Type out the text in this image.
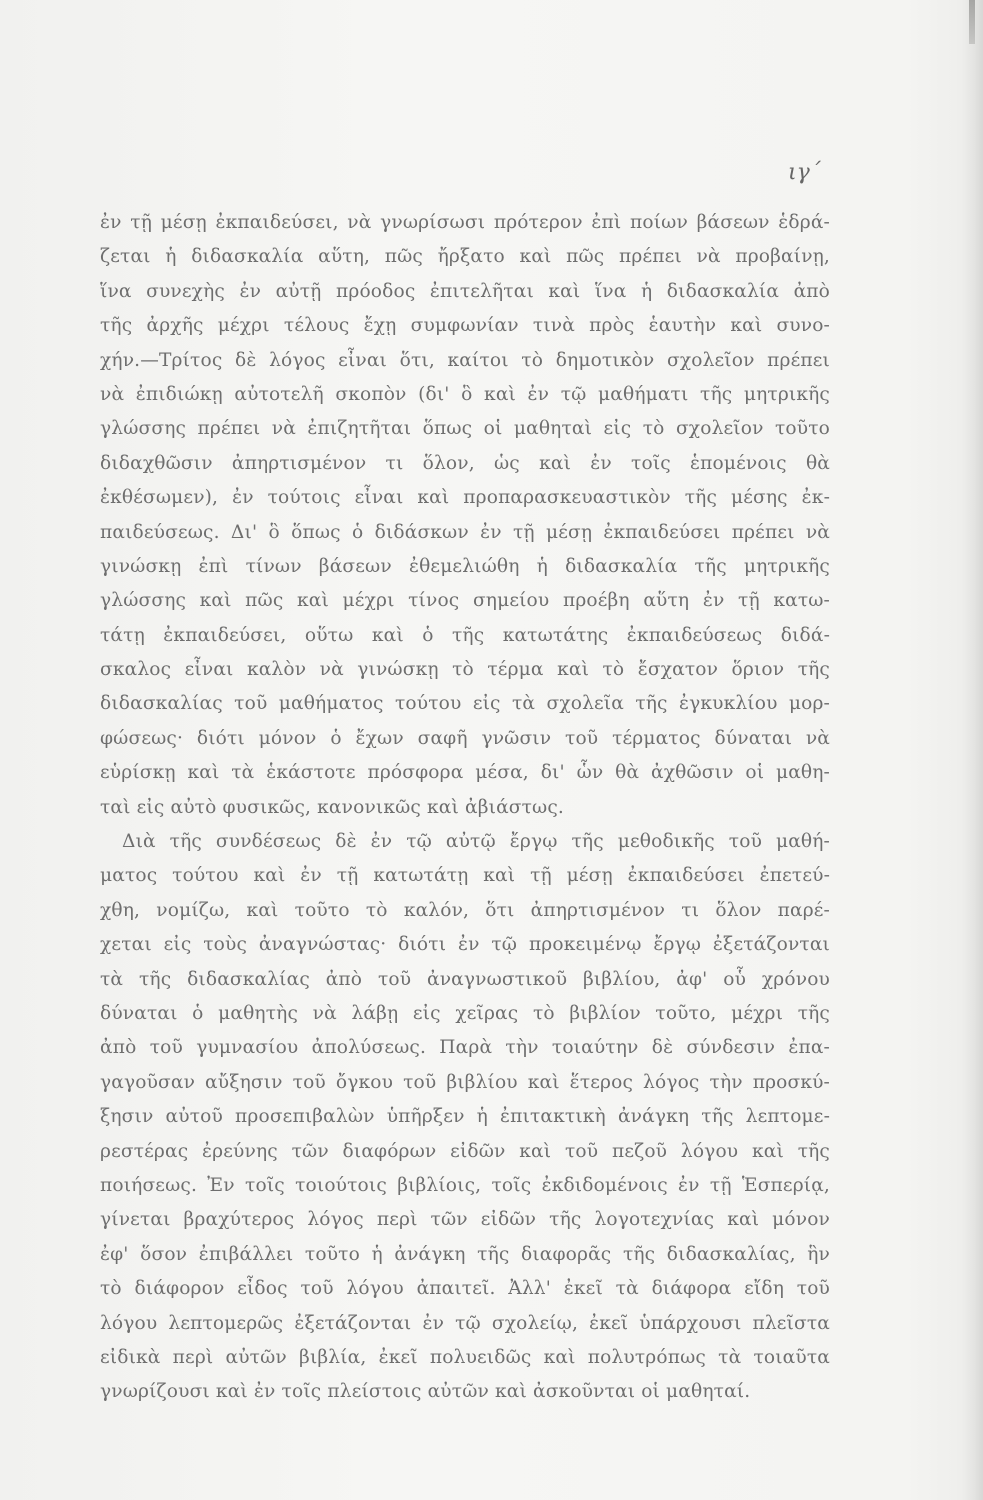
ιγ´
ἐν τῇ μέσῃ ἐκπαιδεύσει, νὰ γνωρίσωσι πρότερον ἐπὶ ποίων βάσεων ἑδρά-
ζεται ἡ διδασκαλία αὕτη, πῶς ἤρξατο καὶ πῶς πρέπει νὰ προβαίνῃ,
ἵνα συνεχὴς ἐν αὐτῇ πρόοδος ἐπιτελῆται καὶ ἵνα ἡ διδασκαλία ἀπὸ
τῆς ἀρχῆς μέχρι τέλους ἔχῃ συμφωνίαν τινὰ πρὸς ἑαυτὴν καὶ συνο-
χήν.—Τρίτος δὲ λόγος εἶναι ὅτι, καίτοι τὸ δημοτικὸν σχολεῖον πρέπει
νὰ ἐπιδιώκῃ αὐτοτελῆ σκοπὸν (δι' ὃ καὶ ἐν τῷ μαθήματι τῆς μητρικῆς
γλώσσης πρέπει νὰ ἐπιζητῆται ὅπως οἱ μαθηταὶ εἰς τὸ σχολεῖον τοῦτο
διδαχθῶσιν ἀπηρτισμένον τι ὅλον, ὡς καὶ ἐν τοῖς ἑπομένοις θὰ
ἐκθέσωμεν), ἐν τούτοις εἶναι καὶ προπαρασκευαστικὸν τῆς μέσης ἐκ-
παιδεύσεως. Δι' ὃ ὅπως ὁ διδάσκων ἐν τῇ μέσῃ ἐκπαιδεύσει πρέπει νὰ
γινώσκῃ ἐπὶ τίνων βάσεων ἐθεμελιώθη ἡ διδασκαλία τῆς μητρικῆς
γλώσσης καὶ πῶς καὶ μέχρι τίνος σημείου προέβη αὕτη ἐν τῇ κατω-
τάτῃ ἐκπαιδεύσει, οὕτω καὶ ὁ τῆς κατωτάτης ἐκπαιδεύσεως διδά-
σκαλος εἶναι καλὸν νὰ γινώσκῃ τὸ τέρμα καὶ τὸ ἔσχατον ὅριον τῆς
διδασκαλίας τοῦ μαθήματος τούτου εἰς τὰ σχολεῖα τῆς ἐγκυκλίου μορ-
φώσεως· διότι μόνον ὁ ἔχων σαφῆ γνῶσιν τοῦ τέρματος δύναται νὰ
εὑρίσκῃ καὶ τὰ ἑκάστοτε πρόσφορα μέσα, δι' ὧν θὰ ἀχθῶσιν οἱ μαθη-
ταὶ εἰς αὐτὸ φυσικῶς, κανονικῶς καὶ ἀβιάστως.
Διὰ τῆς συνδέσεως δὲ ἐν τῷ αὐτῷ ἔργῳ τῆς μεθοδικῆς τοῦ μαθή-
ματος τούτου καὶ ἐν τῇ κατωτάτῃ καὶ τῇ μέσῃ ἐκπαιδεύσει ἐπετεύ-
χθη, νομίζω, καὶ τοῦτο τὸ καλόν, ὅτι ἀπηρτισμένον τι ὅλον παρέ-
χεται εἰς τοὺς ἀναγνώστας· διότι ἐν τῷ προκειμένῳ ἔργῳ ἐξετάζονται
τὰ τῆς διδασκαλίας ἀπὸ τοῦ ἀναγνωστικοῦ βιβλίου, ἀφ' οὗ χρόνου
δύναται ὁ μαθητὴς νὰ λάβῃ εἰς χεῖρας τὸ βιβλίον τοῦτο, μέχρι τῆς
ἀπὸ τοῦ γυμνασίου ἀπολύσεως. Παρὰ τὴν τοιαύτην δὲ σύνδεσιν ἐπα-
γαγοῦσαν αὔξησιν τοῦ ὄγκου τοῦ βιβλίου καὶ ἕτερος λόγος τὴν προσκύ-
ξησιν αὐτοῦ προσεπιβαλὼν ὑπῆρξεν ἡ ἐπιτακτικὴ ἀνάγκη τῆς λεπτομε-
ρεστέρας ἐρεύνης τῶν διαφόρων εἰδῶν καὶ τοῦ πεζοῦ λόγου καὶ τῆς
ποιήσεως. Ἐν τοῖς τοιούτοις βιβλίοις, τοῖς ἐκδιδομένοις ἐν τῇ Ἑσπερίᾳ,
γίνεται βραχύτερος λόγος περὶ τῶν εἰδῶν τῆς λογοτεχνίας καὶ μόνον
ἐφ' ὅσον ἐπιβάλλει τοῦτο ἡ ἀνάγκη τῆς διαφορᾶς τῆς διδασκαλίας, ἣν
τὸ διάφορον εἶδος τοῦ λόγου ἀπαιτεῖ. Ἀλλ' ἐκεῖ τὰ διάφορα εἴδη τοῦ
λόγου λεπτομερῶς ἐξετάζονται ἐν τῷ σχολείῳ, ἐκεῖ ὑπάρχουσι πλεῖστα
εἰδικὰ περὶ αὐτῶν βιβλία, ἐκεῖ πολυειδῶς καὶ πολυτρόπως τὰ τοιαῦτα
γνωρίζουσι καὶ ἐν τοῖς πλείστοις αὐτῶν καὶ ἀσκοῦνται οἱ μαθηταί.
